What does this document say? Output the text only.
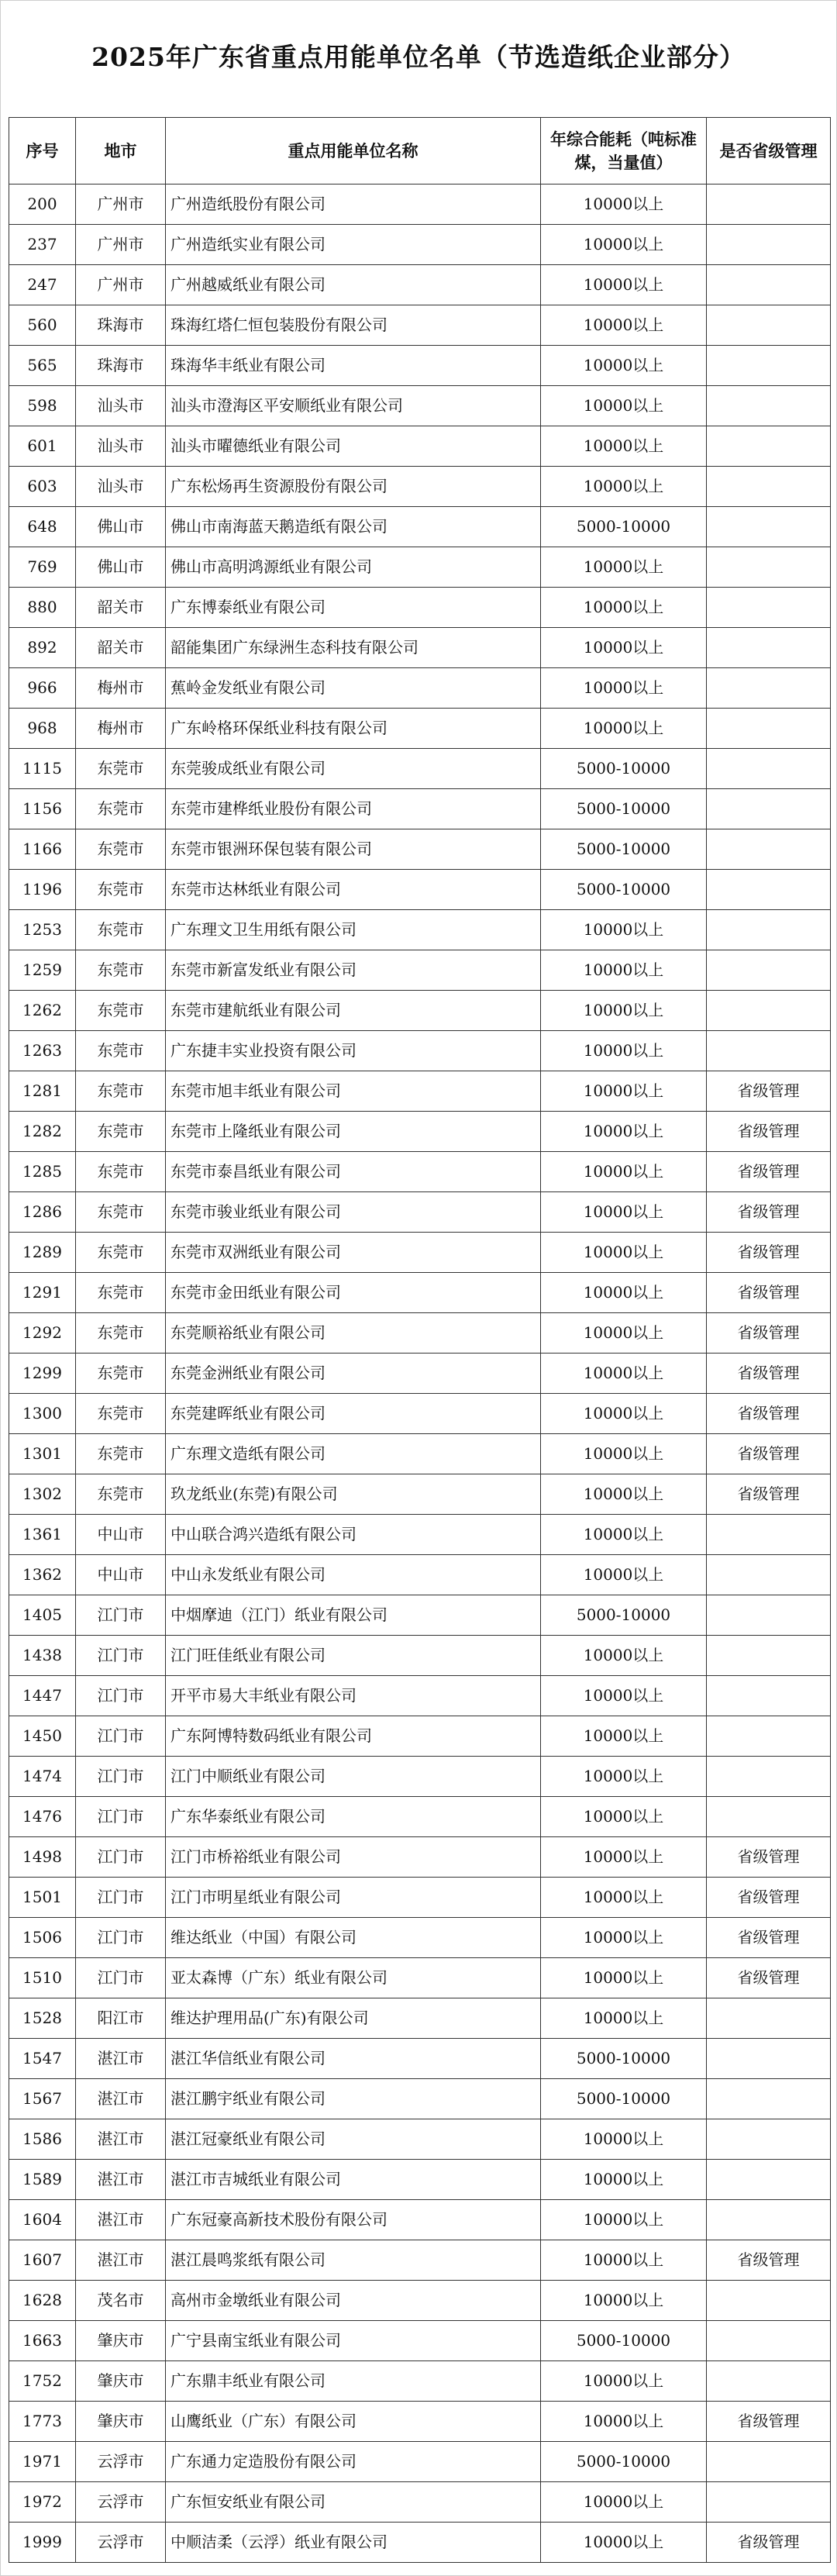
2025年广东省重点用能单位名单（节选造纸企业部分）
序号	地市	重点用能单位名称	年综合能耗（吨标准煤，当量值）	是否省级管理
200	广州市	广州造纸股份有限公司	10000以上	
237	广州市	广州造纸实业有限公司	10000以上	
247	广州市	广州越威纸业有限公司	10000以上	
560	珠海市	珠海红塔仁恒包装股份有限公司	10000以上	
565	珠海市	珠海华丰纸业有限公司	10000以上	
598	汕头市	汕头市澄海区平安顺纸业有限公司	10000以上	
601	汕头市	汕头市曜德纸业有限公司	10000以上	
603	汕头市	广东松炀再生资源股份有限公司	10000以上	
648	佛山市	佛山市南海蓝天鹅造纸有限公司	5000-10000	
769	佛山市	佛山市高明鸿源纸业有限公司	10000以上	
880	韶关市	广东博泰纸业有限公司	10000以上	
892	韶关市	韶能集团广东绿洲生态科技有限公司	10000以上	
966	梅州市	蕉岭金发纸业有限公司	10000以上	
968	梅州市	广东岭格环保纸业科技有限公司	10000以上	
1115	东莞市	东莞骏成纸业有限公司	5000-10000	
1156	东莞市	东莞市建桦纸业股份有限公司	5000-10000	
1166	东莞市	东莞市银洲环保包装有限公司	5000-10000	
1196	东莞市	东莞市达林纸业有限公司	5000-10000	
1253	东莞市	广东理文卫生用纸有限公司	10000以上	
1259	东莞市	东莞市新富发纸业有限公司	10000以上	
1262	东莞市	东莞市建航纸业有限公司	10000以上	
1263	东莞市	广东捷丰实业投资有限公司	10000以上	
1281	东莞市	东莞市旭丰纸业有限公司	10000以上	省级管理
1282	东莞市	东莞市上隆纸业有限公司	10000以上	省级管理
1285	东莞市	东莞市泰昌纸业有限公司	10000以上	省级管理
1286	东莞市	东莞市骏业纸业有限公司	10000以上	省级管理
1289	东莞市	东莞市双洲纸业有限公司	10000以上	省级管理
1291	东莞市	东莞市金田纸业有限公司	10000以上	省级管理
1292	东莞市	东莞顺裕纸业有限公司	10000以上	省级管理
1299	东莞市	东莞金洲纸业有限公司	10000以上	省级管理
1300	东莞市	东莞建晖纸业有限公司	10000以上	省级管理
1301	东莞市	广东理文造纸有限公司	10000以上	省级管理
1302	东莞市	玖龙纸业(东莞)有限公司	10000以上	省级管理
1361	中山市	中山联合鸿兴造纸有限公司	10000以上	
1362	中山市	中山永发纸业有限公司	10000以上	
1405	江门市	中烟摩迪（江门）纸业有限公司	5000-10000	
1438	江门市	江门旺佳纸业有限公司	10000以上	
1447	江门市	开平市易大丰纸业有限公司	10000以上	
1450	江门市	广东阿博特数码纸业有限公司	10000以上	
1474	江门市	江门中顺纸业有限公司	10000以上	
1476	江门市	广东华泰纸业有限公司	10000以上	
1498	江门市	江门市桥裕纸业有限公司	10000以上	省级管理
1501	江门市	江门市明星纸业有限公司	10000以上	省级管理
1506	江门市	维达纸业（中国）有限公司	10000以上	省级管理
1510	江门市	亚太森博（广东）纸业有限公司	10000以上	省级管理
1528	阳江市	维达护理用品(广东)有限公司	10000以上	
1547	湛江市	湛江华信纸业有限公司	5000-10000	
1567	湛江市	湛江鹏宇纸业有限公司	5000-10000	
1586	湛江市	湛江冠豪纸业有限公司	10000以上	
1589	湛江市	湛江市吉城纸业有限公司	10000以上	
1604	湛江市	广东冠豪高新技术股份有限公司	10000以上	
1607	湛江市	湛江晨鸣浆纸有限公司	10000以上	省级管理
1628	茂名市	高州市金墩纸业有限公司	10000以上	
1663	肇庆市	广宁县南宝纸业有限公司	5000-10000	
1752	肇庆市	广东鼎丰纸业有限公司	10000以上	
1773	肇庆市	山鹰纸业（广东）有限公司	10000以上	省级管理
1971	云浮市	广东通力定造股份有限公司	5000-10000	
1972	云浮市	广东恒安纸业有限公司	10000以上	
1999	云浮市	中顺洁柔（云浮）纸业有限公司	10000以上	省级管理
